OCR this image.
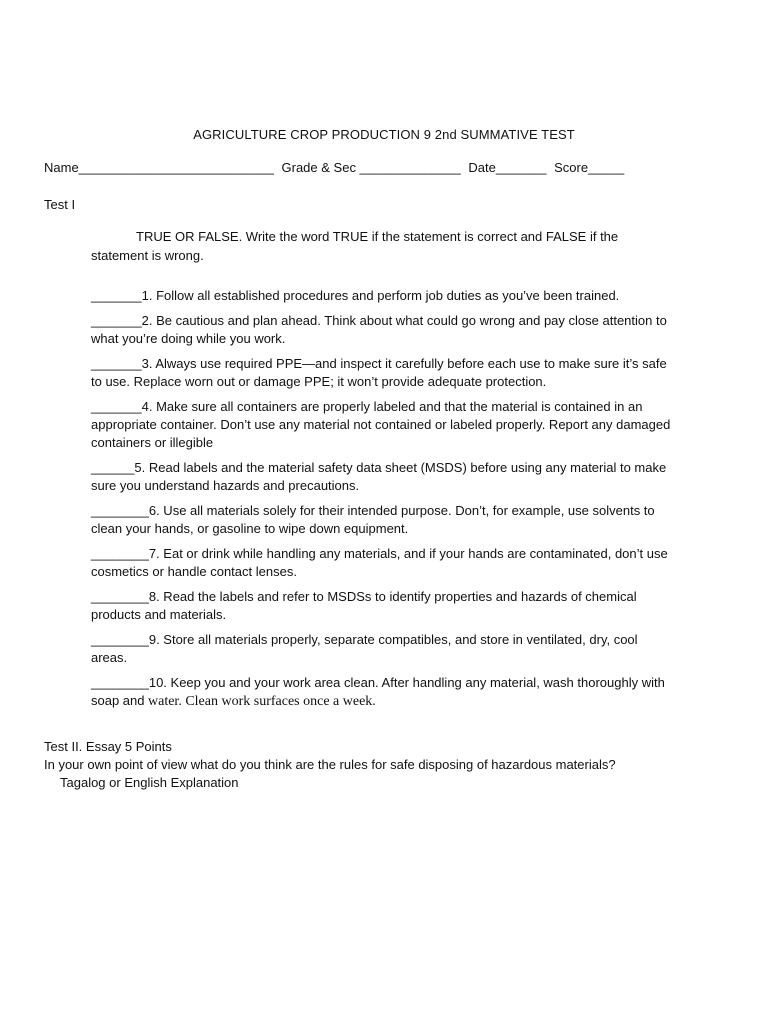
AGRICULTURE CROP PRODUCTION 9 2nd SUMMATIVE TEST
Name___________________________ Grade & Sec ______________ Date_______ Score_____
Test I
TRUE OR FALSE. Write the word TRUE if the statement is correct and FALSE if the statement is wrong.
_______1. Follow all established procedures and perform job duties as you’ve been trained.
_______2. Be cautious and plan ahead. Think about what could go wrong and pay close attention to what you’re doing while you work.
_______3. Always use required PPE—and inspect it carefully before each use to make sure it’s safe to use. Replace worn out or damage PPE; it won’t provide adequate protection.
_______4. Make sure all containers are properly labeled and that the material is contained in an appropriate container. Don’t use any material not contained or labeled properly. Report any damaged containers or illegible
______5. Read labels and the material safety data sheet (MSDS) before using any material to make sure you understand hazards and precautions.
________6. Use all materials solely for their intended purpose. Don’t, for example, use solvents to clean your hands, or gasoline to wipe down equipment.
________7. Eat or drink while handling any materials, and if your hands are contaminated, don’t use cosmetics or handle contact lenses.
________8. Read the labels and refer to MSDSs to identify properties and hazards of chemical products and materials.
________9. Store all materials properly, separate compatibles, and store in ventilated, dry, cool areas.
________10. Keep you and your work area clean. After handling any material, wash thoroughly with soap and water. Clean work surfaces once a week.
Test II. Essay 5 Points
In your own point of view what do you think are the rules for safe disposing of hazardous materials?
Tagalog or English Explanation
